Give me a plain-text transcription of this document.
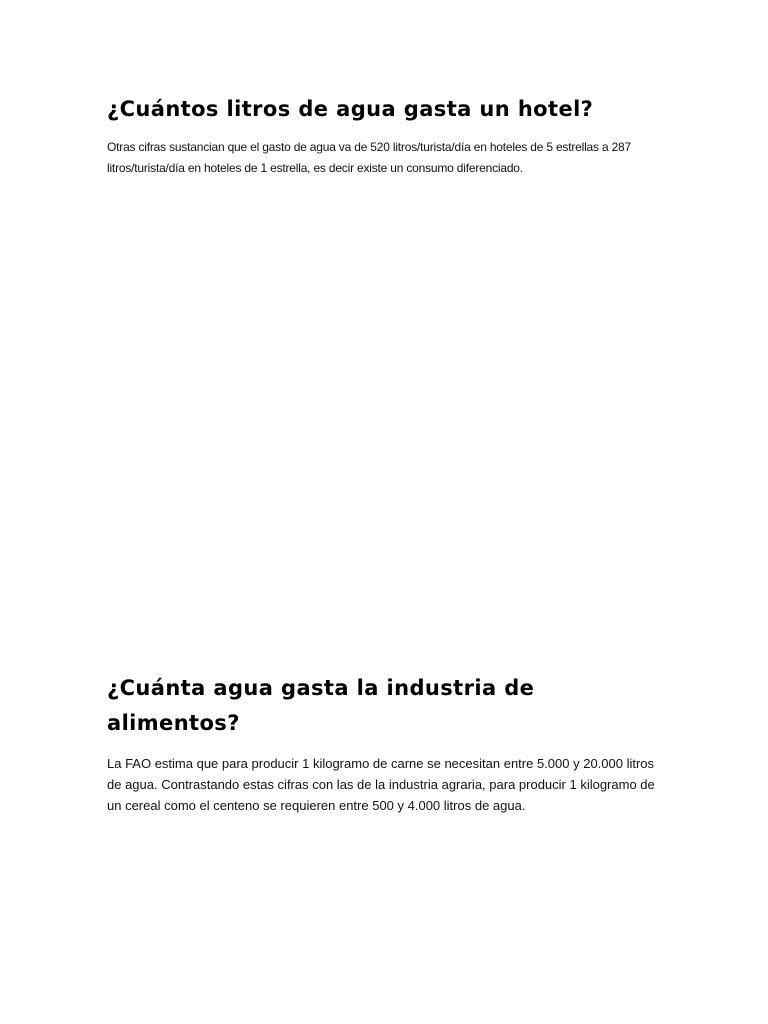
¿Cuántos litros de agua gasta un hotel?

Otras cifras sustancian que el gasto de agua va de 520 litros/turista/día en hoteles de 5 estrellas a 287 litros/turista/día en hoteles de 1 estrella, es decir existe un consumo diferenciado.

¿Cuánta agua gasta la industria de alimentos?

La FAO estima que para producir 1 kilogramo de carne se necesitan entre 5.000 y 20.000 litros de agua. Contrastando estas cifras con las de la industria agraria, para producir 1 kilogramo de un cereal como el centeno se requieren entre 500 y 4.000 litros de agua.
